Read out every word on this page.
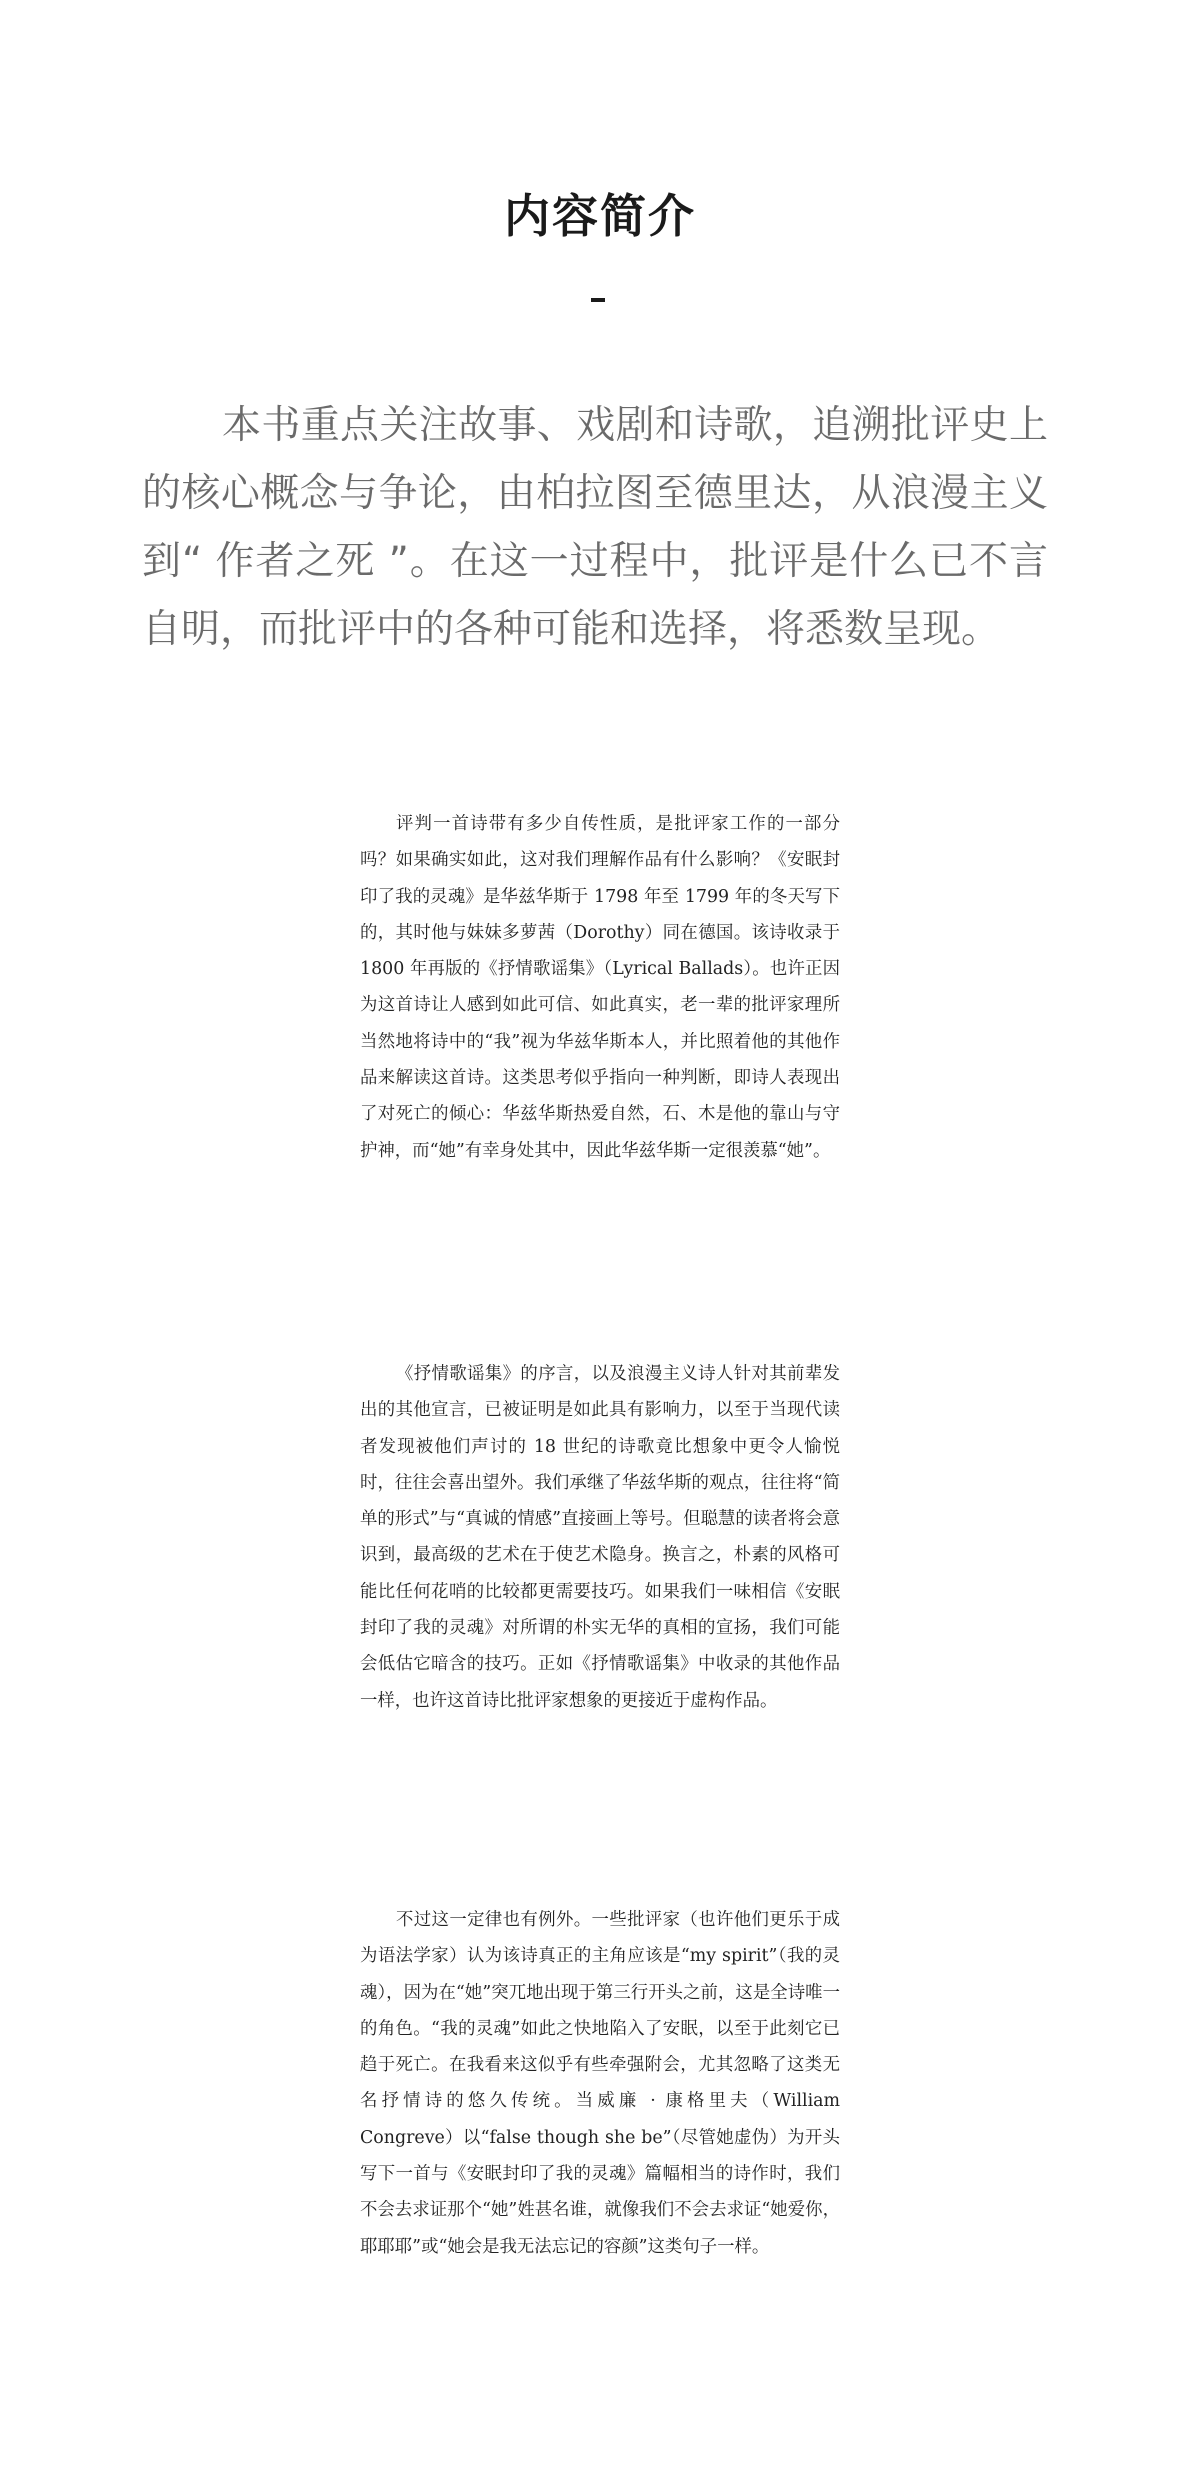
内容简介

本书重点关注故事、戏剧和诗歌，追溯批评史上的核心概念与争论，由柏拉图至德里达，从浪漫主义到“ 作者之死 ”。在这一过程中，批评是什么已不言自明，而批评中的各种可能和选择，将悉数呈现。

评判一首诗带有多少自传性质，是批评家工作的一部分吗？如果确实如此，这对我们理解作品有什么影响？《安眠封印了我的灵魂》是华兹华斯于 1798 年至 1799 年的冬天写下的，其时他与妹妹多萝茜（Dorothy）同在德国。该诗收录于 1800 年再版的《抒情歌谣集》（Lyrical Ballads）。也许正因为这首诗让人感到如此可信、如此真实，老一辈的批评家理所当然地将诗中的“我”视为华兹华斯本人，并比照着他的其他作品来解读这首诗。这类思考似乎指向一种判断，即诗人表现出了对死亡的倾心：华兹华斯热爱自然，石、木是他的靠山与守护神，而“她”有幸身处其中，因此华兹华斯一定很羡慕“她”。

《抒情歌谣集》的序言，以及浪漫主义诗人针对其前辈发出的其他宣言，已被证明是如此具有影响力，以至于当现代读者发现被他们声讨的 18 世纪的诗歌竟比想象中更令人愉悦时，往往会喜出望外。我们承继了华兹华斯的观点，往往将“简单的形式”与“真诚的情感”直接画上等号。但聪慧的读者将会意识到，最高级的艺术在于使艺术隐身。换言之，朴素的风格可能比任何花哨的比较都更需要技巧。如果我们一味相信《安眠封印了我的灵魂》对所谓的朴实无华的真相的宣扬，我们可能会低估它暗含的技巧。正如《抒情歌谣集》中收录的其他作品一样，也许这首诗比批评家想象的更接近于虚构作品。

不过这一定律也有例外。一些批评家（也许他们更乐于成为语法学家）认为该诗真正的主角应该是“my spirit”（我的灵魂），因为在“她”突兀地出现于第三行开头之前，这是全诗唯一的角色。“我的灵魂”如此之快地陷入了安眠，以至于此刻它已趋于死亡。在我看来这似乎有些牵强附会，尤其忽略了这类无名抒情诗的悠久传统。当威廉 · 康格里夫（William Congreve）以“false though she be”（尽管她虚伪）为开头写下一首与《安眠封印了我的灵魂》篇幅相当的诗作时，我们不会去求证那个“她”姓甚名谁，就像我们不会去求证“她爱你，耶耶耶”或“她会是我无法忘记的容颜”这类句子一样。
